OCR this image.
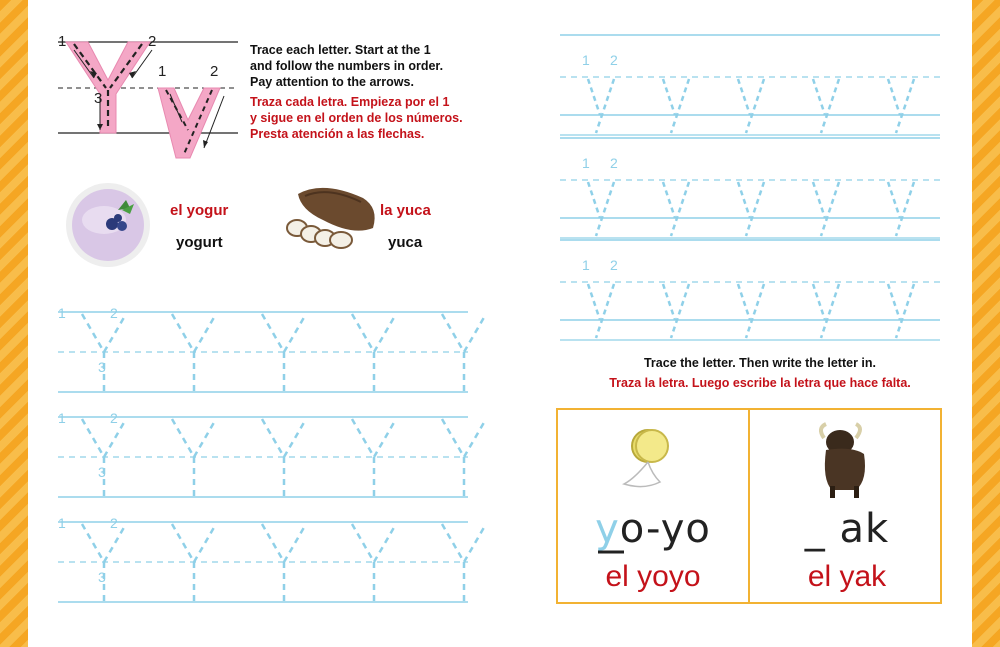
1	2
3
1	2
Trace each letter. Start at the 1
and follow the numbers in order.
Pay attention to the arrows.
Traza cada letra. Empieza por el 1
y sigue en el orden de los números.
Presta atención a las flechas.
el yogur
yogurt
la yuca
yuca
1	2
3
1	2
3
1	2
3
1 2
1 2
1 2
Trace the letter. Then write the letter in.
Traza la letra. Luego escribe la letra que hace falta.
yo-yo
el yoyo
_ ak
el yak
